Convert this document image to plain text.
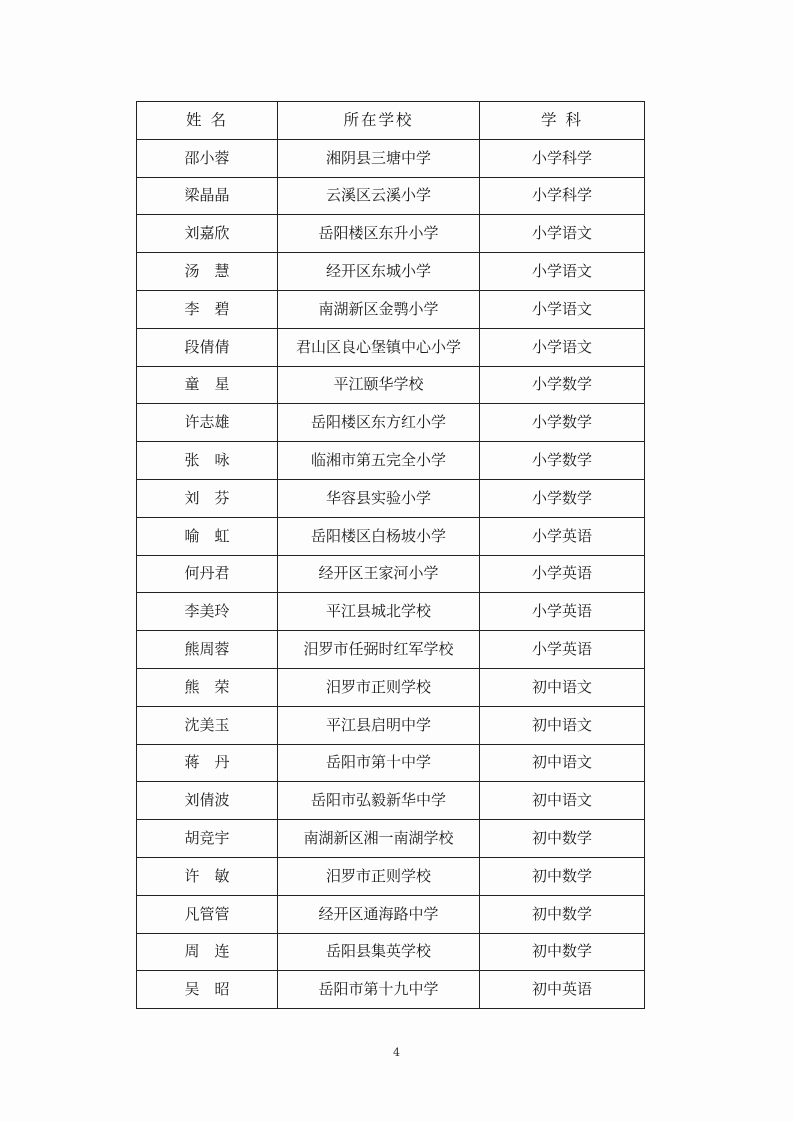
姓 名	所在学校	学 科
邵小蓉	湘阴县三塘中学	小学科学
梁晶晶	云溪区云溪小学	小学科学
刘嘉欣	岳阳楼区东升小学	小学语文
汤　慧	经开区东城小学	小学语文
李　碧	南湖新区金鹗小学	小学语文
段倩倩	君山区良心堡镇中心小学	小学语文
童　星	平江颐华学校	小学数学
许志雄	岳阳楼区东方红小学	小学数学
张　咏	临湘市第五完全小学	小学数学
刘　芬	华容县实验小学	小学数学
喻　虹	岳阳楼区白杨坡小学	小学英语
何丹君	经开区王家河小学	小学英语
李美玲	平江县城北学校	小学英语
熊周蓉	汨罗市任弼时红军学校	小学英语
熊　荣	汨罗市正则学校	初中语文
沈美玉	平江县启明中学	初中语文
蒋　丹	岳阳市第十中学	初中语文
刘倩波	岳阳市弘毅新华中学	初中语文
胡竞宇	南湖新区湘一南湖学校	初中数学
许　敏	汨罗市正则学校	初中数学
凡管管	经开区通海路中学	初中数学
周　连	岳阳县集英学校	初中数学
吴　昭	岳阳市第十九中学	初中英语
4
